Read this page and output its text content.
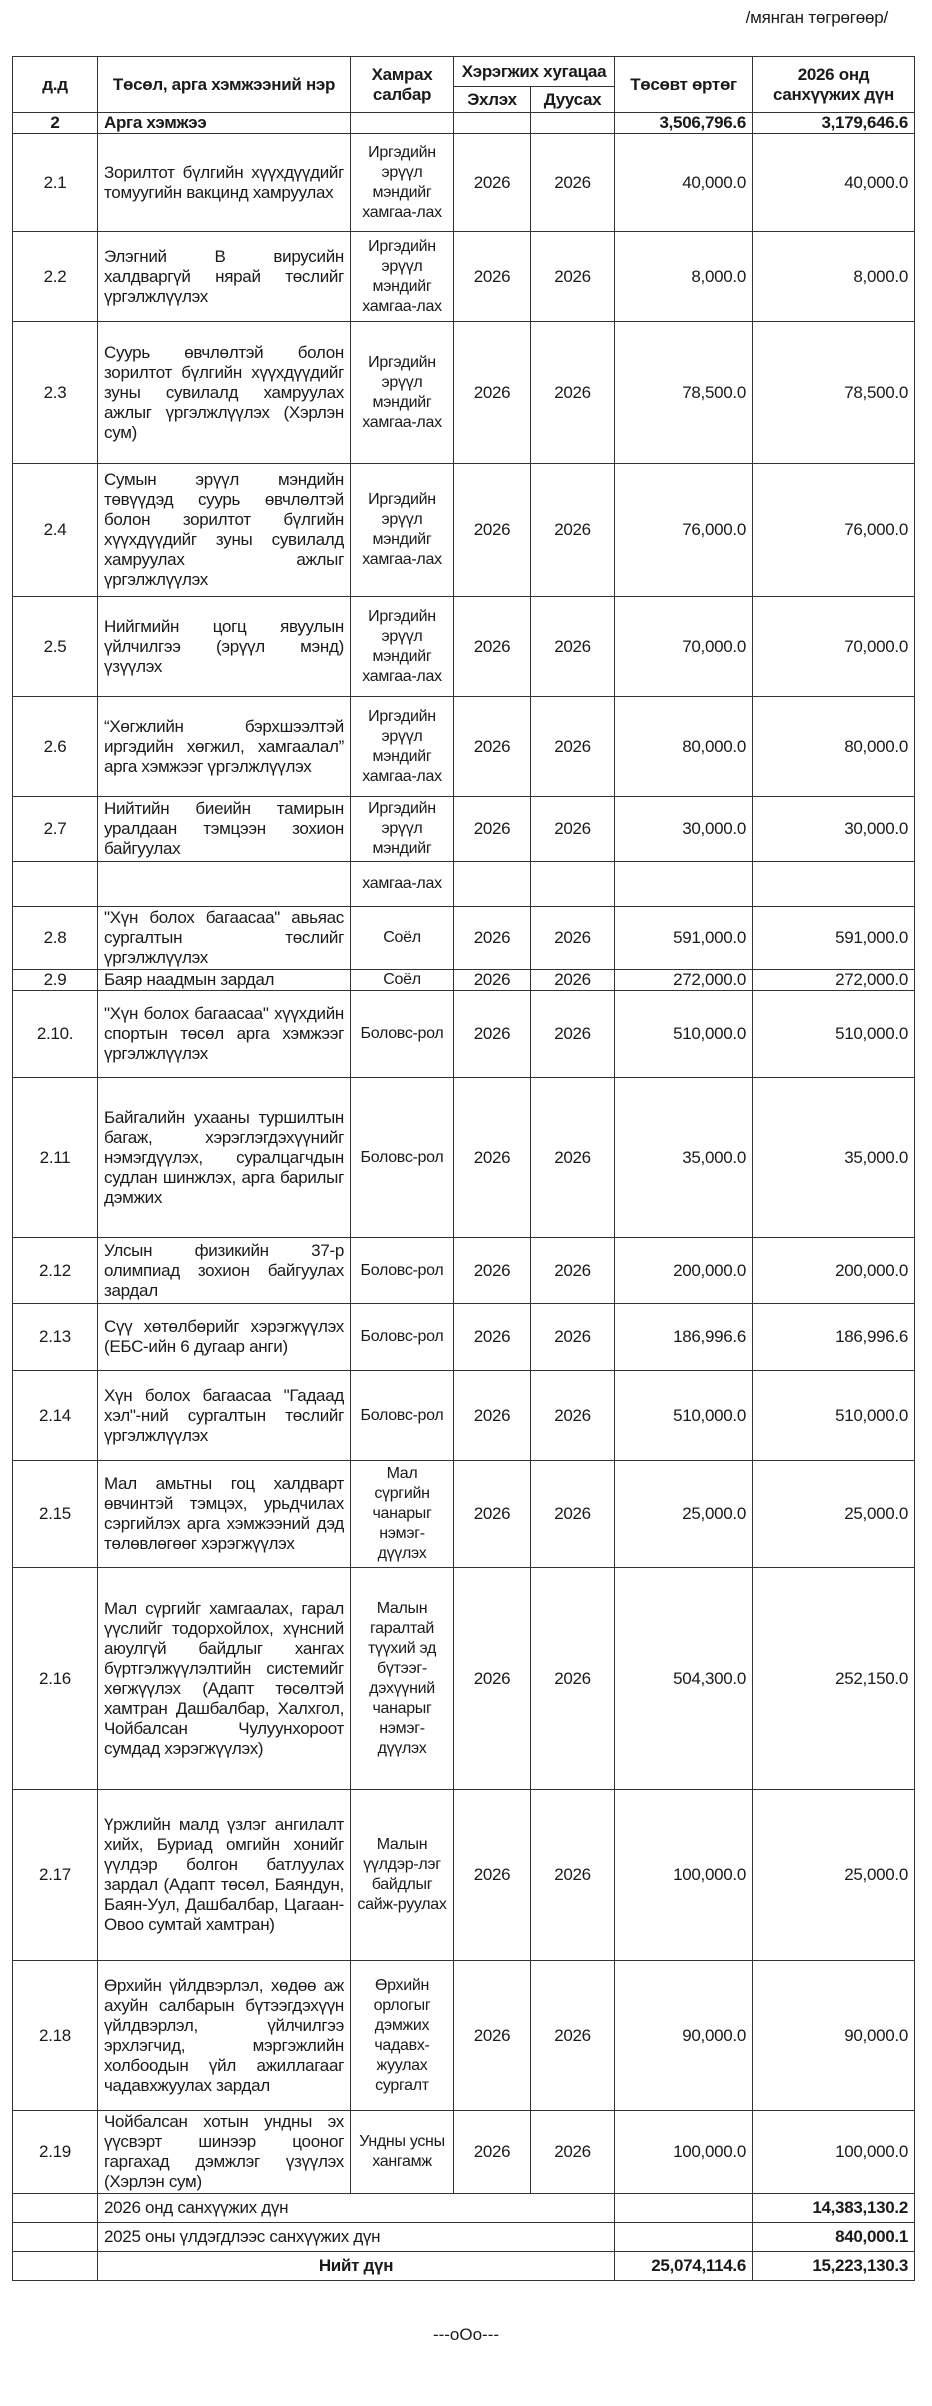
/мянган төгрөгөөр/
д.д	Төсөл, арга хэмжээний нэр	Хамрах салбар	Хэрэгжих хугацаа		Төсөвт өртөг	2026 онд санхүүжих дүн
			Эхлэх	Дуусах		
2	Арга хэмжээ				3,506,796.6	3,179,646.6
2.1	Зорилтот бүлгийн хүүхдүүдийг томуугийн вакцинд хамруулах	Иргэдийн эрүүл мэндийг хамгаа-лах	2026	2026	40,000.0	40,000.0
2.2	Элэгний В вирусийн халдваргүй нярай төслийг үргэлжлүүлэх	Иргэдийн эрүүл мэндийг хамгаа-лах	2026	2026	8,000.0	8,000.0
2.3	Суурь өвчлөлтэй болон зорилтот бүлгийн хүүхдүүдийг зуны сувилалд хамруулах ажлыг үргэлжлүүлэх (Хэрлэн сум)	Иргэдийн эрүүл мэндийг хамгаа-лах	2026	2026	78,500.0	78,500.0
2.4	Сумын эрүүл мэндийн төвүүдэд суурь өвчлөлтэй болон зорилтот бүлгийн хүүхдүүдийг зуны сувилалд хамруулах ажлыг үргэлжлүүлэх	Иргэдийн эрүүл мэндийг хамгаа-лах	2026	2026	76,000.0	76,000.0
2.5	Нийгмийн цогц явуулын үйлчилгээ (эрүүл мэнд) үзүүлэх	Иргэдийн эрүүл мэндийг хамгаа-лах	2026	2026	70,000.0	70,000.0
2.6	“Хөгжлийн бэрхшээлтэй иргэдийн хөгжил, хамгаалал” арга хэмжээг үргэлжлүүлэх	Иргэдийн эрүүл мэндийг хамгаа-лах	2026	2026	80,000.0	80,000.0
2.7	Нийтийн биеийн тамирын уралдаан тэмцээн зохион байгуулах	Иргэдийн эрүүл мэндийг	2026	2026	30,000.0	30,000.0
		хамгаа-лах				
2.8	"Хүн болох багаасаа" авьяас сургалтын төслийг үргэлжлүүлэх	Соёл	2026	2026	591,000.0	591,000.0
2.9	Баяр наадмын зардал	Соёл	2026	2026	272,000.0	272,000.0
2.10.	"Хүн болох багаасаа" хүүхдийн спортын төсөл арга хэмжээг үргэлжлүүлэх	Боловс-рол	2026	2026	510,000.0	510,000.0
2.11	Байгалийн ухааны туршилтын багаж, хэрэглэгдэхүүнийг нэмэгдүүлэх, суралцагчдын судлан шинжлэх, арга барилыг дэмжих	Боловс-рол	2026	2026	35,000.0	35,000.0
2.12	Улсын физикийн 37-р олимпиад зохион байгуулах зардал	Боловс-рол	2026	2026	200,000.0	200,000.0
2.13	Сүү хөтөлбөрийг хэрэгжүүлэх (ЕБС-ийн 6 дугаар анги)	Боловс-рол	2026	2026	186,996.6	186,996.6
2.14	Хүн болох багаасаа "Гадаад хэл"-ний сургалтын төслийг үргэлжлүүлэх	Боловс-рол	2026	2026	510,000.0	510,000.0
2.15	Мал амьтны гоц халдварт өвчинтэй тэмцэх, урьдчилах сэргийлэх арга хэмжээний дэд төлөвлөгөөг хэрэгжүүлэх	Мал сүргийн чанарыг нэмэг-дүүлэх	2026	2026	25,000.0	25,000.0
2.16	Мал сүргийг хамгаалах, гарал үүслийг тодорхойлох, хүнсний аюулгүй байдлыг хангах бүртгэлжүүлэлтийн системийг хөгжүүлэх (Адапт төсөлтэй хамтран Дашбалбар, Халхгол, Чойбалсан Чулуунхороот сумдад хэрэгжүүлэх)	Малын гаралтай түүхий эд бүтээг-дэхүүний чанарыг нэмэг-дүүлэх	2026	2026	504,300.0	252,150.0
2.17	Үржлийн малд үзлэг ангилалт хийх, Буриад омгийн хонийг үүлдэр болгон батлуулах зардал (Адапт төсөл, Баяндун, Баян-Уул, Дашбалбар, Цагаан-Овоо сумтай хамтран)	Малын үүлдэр-лэг байдлыг сайж-руулах	2026	2026	100,000.0	25,000.0
2.18	Өрхийн үйлдвэрлэл, хөдөө аж ахуйн салбарын бүтээгдэхүүн үйлдвэрлэл, үйлчилгээ эрхлэгчид, мэргэжлийн холбоодын үйл ажиллагааг чадавхжуулах зардал	Өрхийн орлогыг дэмжих чадавх-жуулах сургалт	2026	2026	90,000.0	90,000.0
2.19	Чойбалсан хотын ундны эх үүсвэрт шинээр цооног гаргахад дэмжлэг үзүүлэх (Хэрлэн сум)	Ундны усны хангамж	2026	2026	100,000.0	100,000.0
	2026 онд санхүүжих дүн					14,383,130.2
	2025 оны үлдэгдлээс санхүүжих дүн					840,000.1
	Нийт дүн				25,074,114.6	15,223,130.3
---oOo---
